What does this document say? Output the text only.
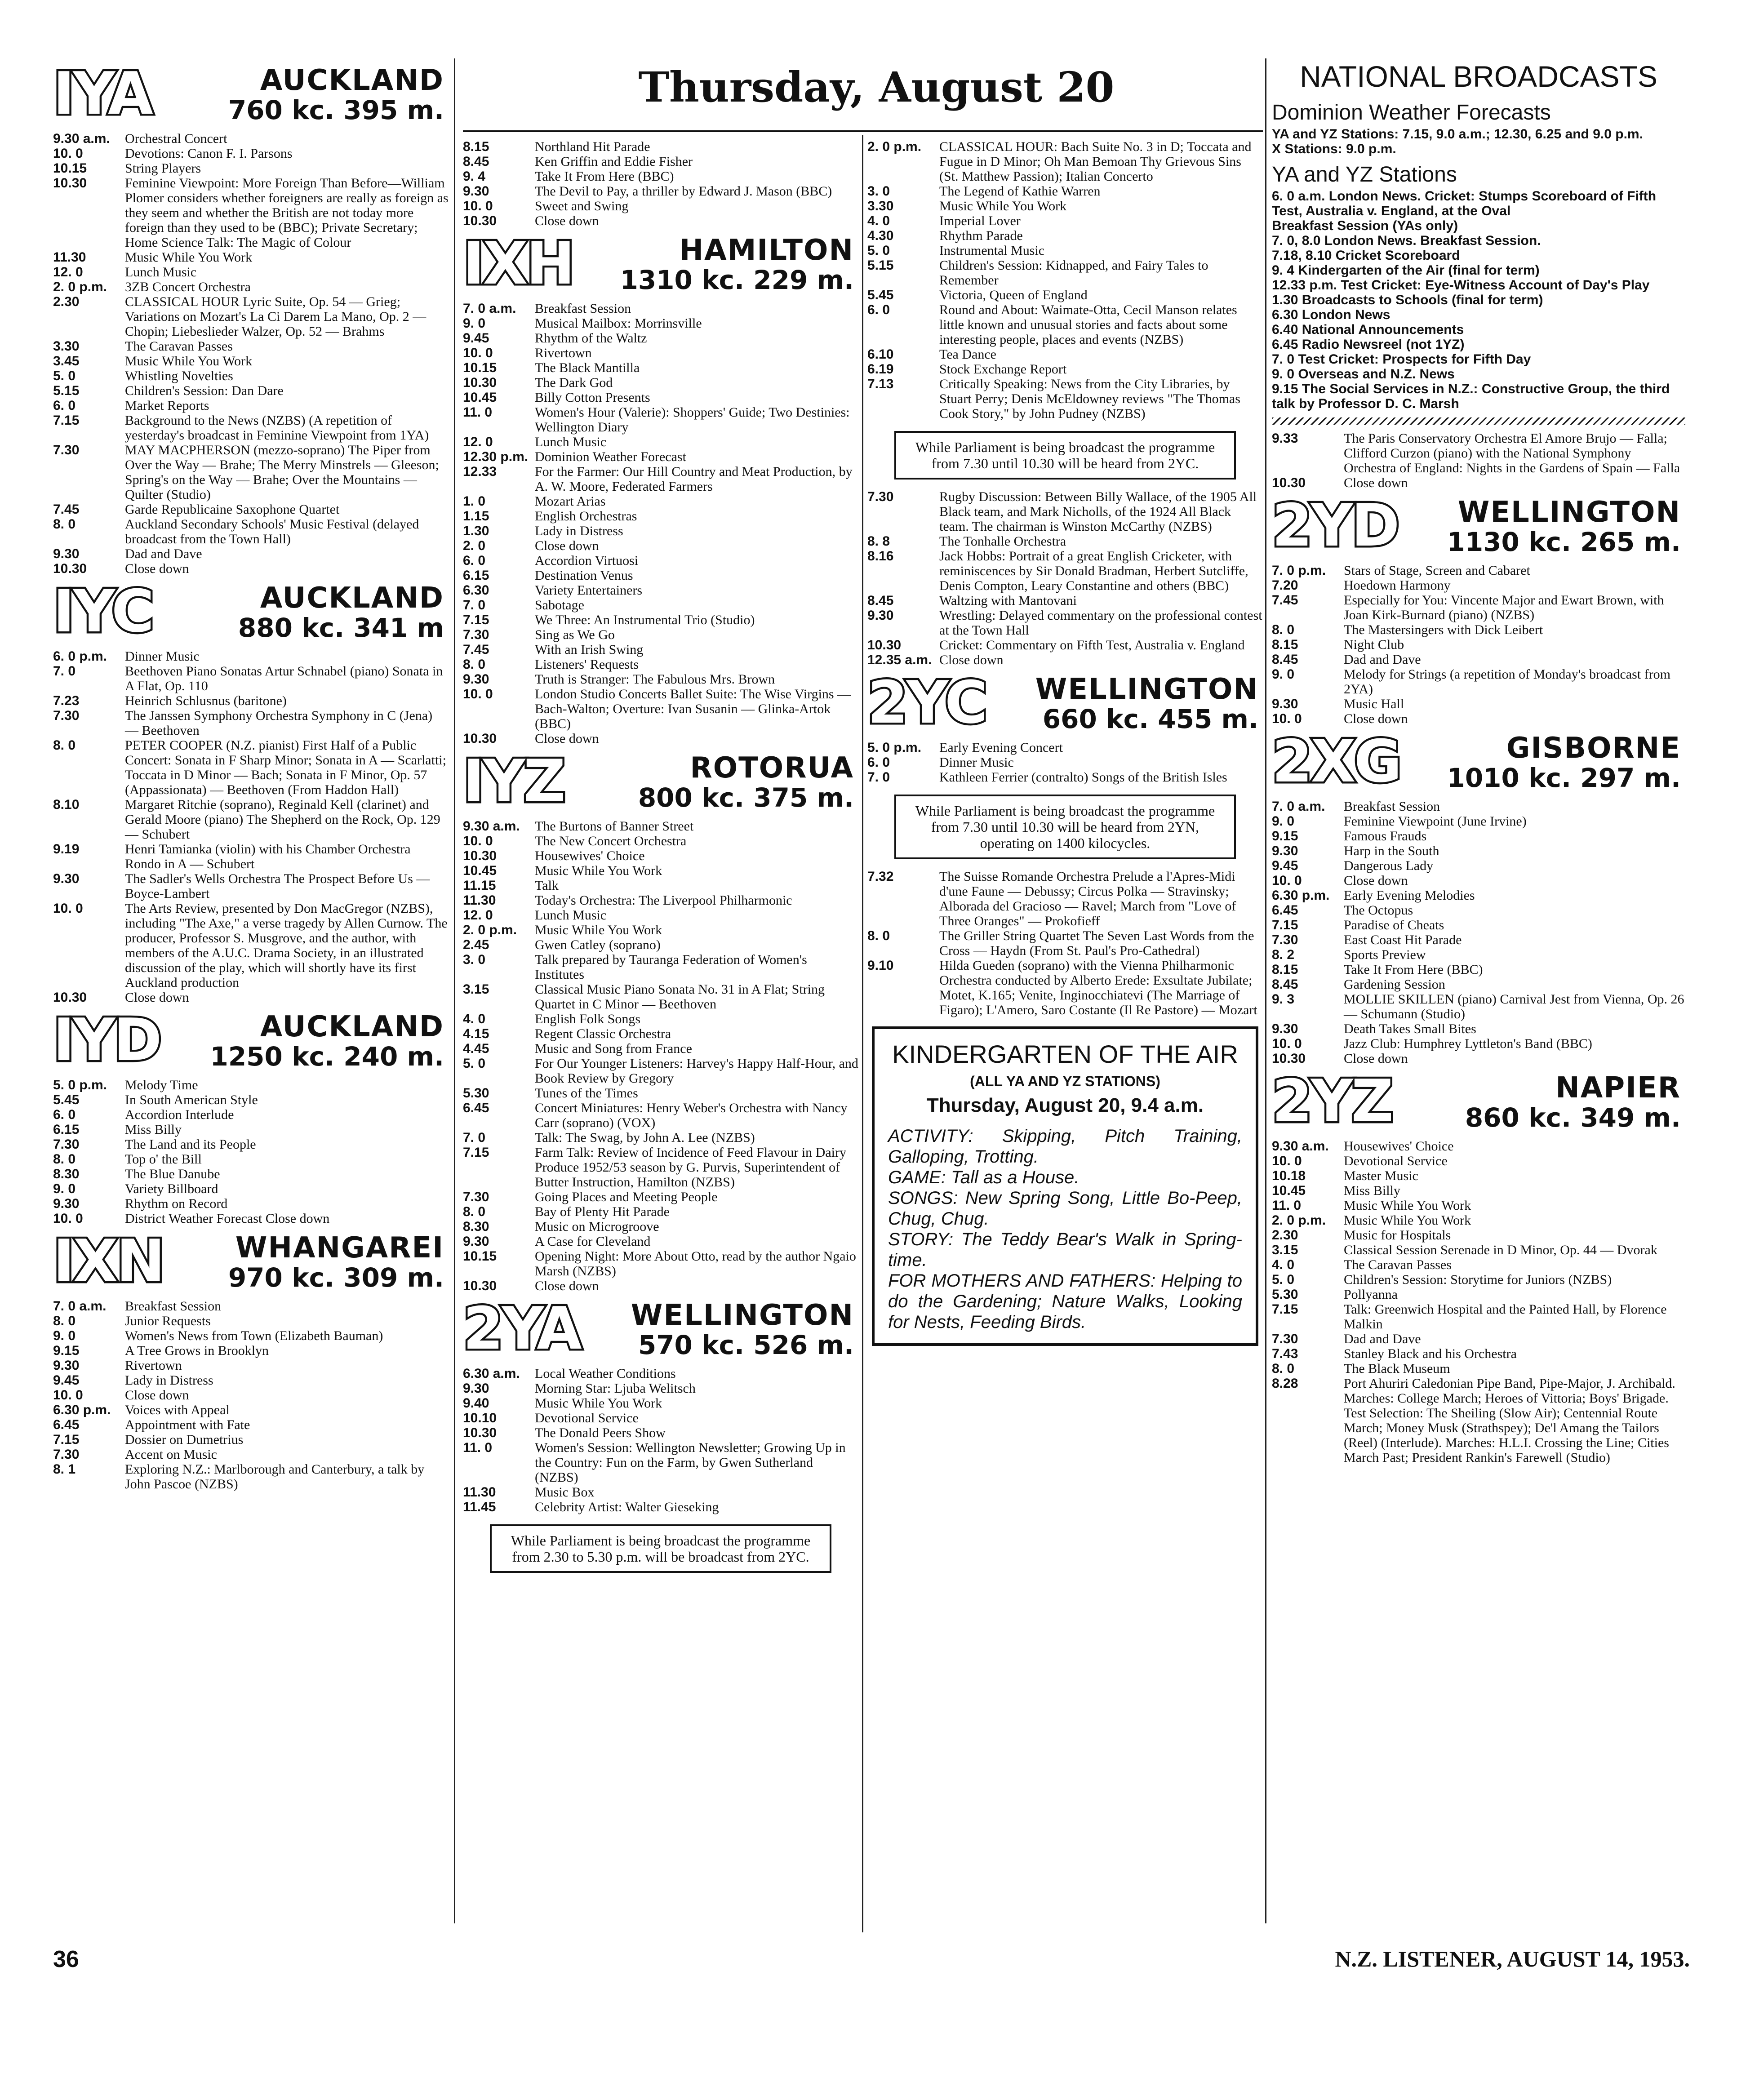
Thursday, August 20
IYA	AUCKLAND
760 kc. 395 m.
9.30 a.m.	Orchestral Concert
10. 0	Devotions: Canon F. I. Parsons
10.15	String Players
10.30	Feminine Viewpoint: More Foreign Than Before—William Plomer considers whether foreigners are really as foreign as they seem and whether the British are not today more foreign than they used to be (BBC); Private Secretary; Home Science Talk: The Magic of Colour
11.30	Music While You Work
12. 0	Lunch Music
2. 0 p.m.	3ZB Concert Orchestra
2.30	CLASSICAL HOUR Lyric Suite, Op. 54 — Grieg; Variations on Mozart's La Ci Darem La Mano, Op. 2 — Chopin; Liebeslieder Walzer, Op. 52 — Brahms
3.30	The Caravan Passes
3.45	Music While You Work
5. 0	Whistling Novelties
5.15	Children's Session: Dan Dare
6. 0	Market Reports
7.15	Background to the News (NZBS) (A repetition of yesterday's broadcast in Feminine Viewpoint from 1YA)
7.30	MAY MACPHERSON (mezzo-soprano) The Piper from Over the Way — Brahe; The Merry Minstrels — Gleeson; Spring's on the Way — Brahe; Over the Mountains — Quilter (Studio)
7.45	Garde Republicaine Saxophone Quartet
8. 0	Auckland Secondary Schools' Music Festival (delayed broadcast from the Town Hall)
9.30	Dad and Dave
10.30	Close down
IYC	AUCKLAND
880 kc. 341 m
6. 0 p.m.	Dinner Music
7. 0	Beethoven Piano Sonatas Artur Schnabel (piano) Sonata in A Flat, Op. 110
7.23	Heinrich Schlusnus (baritone)
7.30	The Janssen Symphony Orchestra Symphony in C (Jena) — Beethoven
8. 0	PETER COOPER (N.Z. pianist) First Half of a Public Concert: Sonata in F Sharp Minor; Sonata in A — Scarlatti; Toccata in D Minor — Bach; Sonata in F Minor, Op. 57 (Appassionata) — Beethoven (From Haddon Hall)
8.10	Margaret Ritchie (soprano), Reginald Kell (clarinet) and Gerald Moore (piano) The Shepherd on the Rock, Op. 129 — Schubert
9.19	Henri Tamianka (violin) with his Chamber Orchestra Rondo in A — Schubert
9.30	The Sadler's Wells Orchestra The Prospect Before Us — Boyce-Lambert
10. 0	The Arts Review, presented by Don MacGregor (NZBS), including "The Axe," a verse tragedy by Allen Curnow. The producer, Professor S. Musgrove, and the author, with members of the A.U.C. Drama Society, in an illustrated discussion of the play, which will shortly have its first Auckland production
10.30	Close down
IYD	AUCKLAND
1250 kc. 240 m.
5. 0 p.m.	Melody Time
5.45	In South American Style
6. 0	Accordion Interlude
6.15	Miss Billy
7.30	The Land and its People
8. 0	Top o' the Bill
8.30	The Blue Danube
9. 0	Variety Billboard
9.30	Rhythm on Record
10. 0	District Weather Forecast Close down
IXN	WHANGAREI
970 kc. 309 m.
7. 0 a.m.	Breakfast Session
8. 0	Junior Requests
9. 0	Women's News from Town (Elizabeth Bauman)
9.15	A Tree Grows in Brooklyn
9.30	Rivertown
9.45	Lady in Distress
10. 0	Close down
6.30 p.m.	Voices with Appeal
6.45	Appointment with Fate
7.15	Dossier on Dumetrius
7.30	Accent on Music
8. 1	Exploring N.Z.: Marlborough and Canterbury, a talk by John Pascoe (NZBS)
8.15	Northland Hit Parade
8.45	Ken Griffin and Eddie Fisher
9. 4	Take It From Here (BBC)
9.30	The Devil to Pay, a thriller by Edward J. Mason (BBC)
10. 0	Sweet and Swing
10.30	Close down
IXH	HAMILTON
1310 kc. 229 m.
7. 0 a.m.	Breakfast Session
9. 0	Musical Mailbox: Morrinsville
9.45	Rhythm of the Waltz
10. 0	Rivertown
10.15	The Black Mantilla
10.30	The Dark God
10.45	Billy Cotton Presents
11. 0	Women's Hour (Valerie): Shoppers' Guide; Two Destinies: Wellington Diary
12. 0	Lunch Music
12.30 p.m. Dominion Weather Forecast
12.33	For the Farmer: Our Hill Country and Meat Production, by A. W. Moore, Federated Farmers
1. 0	Mozart Arias
1.15	English Orchestras
1.30	Lady in Distress
2. 0	Close down
6. 0	Accordion Virtuosi
6.15	Destination Venus
6.30	Variety Entertainers
7. 0	Sabotage
7.15	We Three: An Instrumental Trio (Studio)
7.30	Sing as We Go
7.45	With an Irish Swing
8. 0	Listeners' Requests
9.30	Truth is Stranger: The Fabulous Mrs. Brown
10. 0	London Studio Concerts Ballet Suite: The Wise Virgins — Bach-Walton; Overture: Ivan Susanin — Glinka-Artok (BBC)
10.30	Close down
IYZ	ROTORUA
800 kc. 375 m.
9.30 a.m.	The Burtons of Banner Street
10. 0	The New Concert Orchestra
10.30	Housewives' Choice
10.45	Music While You Work
11.15	Talk
11.30	Today's Orchestra: The Liverpool Philharmonic
12. 0	Lunch Music
2. 0 p.m.	Music While You Work
2.45	Gwen Catley (soprano)
3. 0	Talk prepared by Tauranga Federation of Women's Institutes
3.15	Classical Music Piano Sonata No. 31 in A Flat; String Quartet in C Minor — Beethoven
4. 0	English Folk Songs
4.15	Regent Classic Orchestra
4.45	Music and Song from France
5. 0	For Our Younger Listeners: Harvey's Happy Half-Hour, and Book Review by Gregory
5.30	Tunes of the Times
6.45	Concert Miniatures: Henry Weber's Orchestra with Nancy Carr (soprano) (VOX)
7. 0	Talk: The Swag, by John A. Lee (NZBS)
7.15	Farm Talk: Review of Incidence of Feed Flavour in Dairy Produce 1952/53 season by G. Purvis, Superintendent of Butter Instruction, Hamilton (NZBS)
7.30	Going Places and Meeting People
8. 0	Bay of Plenty Hit Parade
8.30	Music on Microgroove
9.30	A Case for Cleveland
10.15	Opening Night: More About Otto, read by the author Ngaio Marsh (NZBS)
10.30	Close down
2YA WELLINGTON
570 kc. 526 m.
6.30 a.m.	Local Weather Conditions
9.30	Morning Star: Ljuba Welitsch
9.40	Music While You Work
10.10	Devotional Service
10.30	The Donald Peers Show
11. 0	Women's Session: Wellington Newsletter; Growing Up in the Country: Fun on the Farm, by Gwen Sutherland (NZBS)
11.30	Music Box
11.45	Celebrity Artist: Walter Gieseking
While Parliament is being broadcast the programme from 2.30 to 5.30 p.m. will be broadcast from 2YC.
2. 0 p.m.	CLASSICAL HOUR: Bach Suite No. 3 in D; Toccata and Fugue in D Minor; Oh Man Bemoan Thy Grievous Sins (St. Matthew Passion); Italian Concerto
3. 0	The Legend of Kathie Warren
3.30	Music While You Work
4. 0	Imperial Lover
4.30	Rhythm Parade
5. 0	Instrumental Music
5.15	Children's Session: Kidnapped, and Fairy Tales to Remember
5.45	Victoria, Queen of England
6. 0	Round and About: Waimate-Otta, Cecil Manson relates little known and unusual stories and facts about some interesting people, places and events (NZBS)
6.10	Tea Dance
6.19	Stock Exchange Report
7.13	Critically Speaking: News from the City Libraries, by Stuart Perry; Denis McEldowney reviews "The Thomas Cook Story," by John Pudney (NZBS)
While Parliament is being broadcast the programme from 7.30 until 10.30 will be heard from 2YC.
7.30	Rugby Discussion: Between Billy Wallace, of the 1905 All Black team, and Mark Nicholls, of the 1924 All Black team. The chairman is Winston McCarthy (NZBS)
8. 8	The Tonhalle Orchestra
8.16	Jack Hobbs: Portrait of a great English Cricketer, with reminiscences by Sir Donald Bradman, Herbert Sutcliffe, Denis Compton, Leary Constantine and others (BBC)
8.45	Waltzing with Mantovani
9.30	Wrestling: Delayed commentary on the professional contest at the Town Hall
10.30	Cricket: Commentary on Fifth Test, Australia v. England
12.35 a.m. Close down
2YC WELLINGTON
660 kc. 455 m.
5. 0 p.m.	Early Evening Concert
6. 0	Dinner Music
7. 0	Kathleen Ferrier (contralto) Songs of the British Isles
While Parliament is being broadcast the programme from 7.30 until 10.30 will be heard from 2YN, operating on 1400 kilocycles.
7.32	The Suisse Romande Orchestra Prelude a l'Apres-Midi d'une Faune — Debussy; Circus Polka — Stravinsky; Alborada del Gracioso — Ravel; March from "Love of Three Oranges" — Prokofieff
8. 0	The Griller String Quartet The Seven Last Words from the Cross — Haydn (From St. Paul's Pro-Cathedral)
9.10	Hilda Gueden (soprano) with the Vienna Philharmonic Orchestra conducted by Alberto Erede: Exsultate Jubilate; Motet, K.165; Venite, Inginocchiatevi (The Marriage of Figaro); L'Amero, Saro Costante (Il Re Pastore) — Mozart
KINDERGARTEN OF THE AIR
(ALL YA AND YZ STATIONS)
Thursday, August 20, 9.4 a.m.

ACTIVITY: Skipping, Pitch Training, Galloping, Trotting.

GAME: Tall as a House.

SONGS: New Spring Song, Little Bo-Peep, Chug, Chug.

STORY: The Teddy Bear's Walk in Spring-time.

FOR MOTHERS AND FATHERS: Helping to do the Gardening; Nature Walks, Looking for Nests, Feeding Birds.

NATIONAL BROADCASTS
Dominion Weather Forecasts
YA and YZ Stations: 7.15, 9.0 a.m.; 12.30, 6.25 and 9.0 p.m.
X Stations: 9.0 p.m.
YA and YZ Stations
6. 0 a.m. London News. Cricket: Stumps Scoreboard of Fifth Test, Australia v. England, at the Oval
Breakfast Session (YAs only)
7. 0, 8.0 London News. Breakfast Session.
7.18, 8.10 Cricket Scoreboard
9. 4 Kindergarten of the Air (final for term)
12.33 p.m. Test Cricket: Eye-Witness Account of Day's Play
1.30 Broadcasts to Schools (final for term)
6.30 London News
6.40 National Announcements
6.45 Radio Newsreel (not 1YZ)
7. 0 Test Cricket: Prospects for Fifth Day
9. 0 Overseas and N.Z. News
9.15 The Social Services in N.Z.: Constructive Group, the third talk by Professor D. C. Marsh
9.33	The Paris Conservatory Orchestra El Amore Brujo — Falla; Clifford Curzon (piano) with the National Symphony Orchestra of England: Nights in the Gardens of Spain — Falla
10.30	Close down
2YD WELLINGTON
1130 kc. 265 m.
7. 0 p.m.	Stars of Stage, Screen and Cabaret
7.20	Hoedown Harmony
7.45	Especially for You: Vincente Major and Ewart Brown, with Joan Kirk-Burnard (piano) (NZBS)
8. 0	The Mastersingers with Dick Leibert
8.15	Night Club
8.45	Dad and Dave
9. 0	Melody for Strings (a repetition of Monday's broadcast from 2YA)
9.30	Music Hall
10. 0	Close down
2XG	GISBORNE
1010 kc. 297 m.
7. 0 a.m.	Breakfast Session
9. 0	Feminine Viewpoint (June Irvine)
9.15	Famous Frauds
9.30	Harp in the South
9.45	Dangerous Lady
10. 0	Close down
6.30 p.m.	Early Evening Melodies
6.45	The Octopus
7.15	Paradise of Cheats
7.30	East Coast Hit Parade
8. 2	Sports Preview
8.15	Take It From Here (BBC)
8.45	Gardening Session
9. 3	MOLLIE SKILLEN (piano) Carnival Jest from Vienna, Op. 26 — Schumann (Studio)
9.30	Death Takes Small Bites
10. 0	Jazz Club: Humphrey Lyttleton's Band (BBC)
10.30	Close down
2YZ	NAPIER
860 kc. 349 m.
9.30 a.m.	Housewives' Choice
10. 0	Devotional Service
10.18	Master Music
10.45	Miss Billy
11. 0	Music While You Work
2. 0 p.m.	Music While You Work
2.30	Music for Hospitals
3.15	Classical Session Serenade in D Minor, Op. 44 — Dvorak
4. 0	The Caravan Passes
5. 0	Children's Session: Storytime for Juniors (NZBS)
5.30	Pollyanna
7.15	Talk: Greenwich Hospital and the Painted Hall, by Florence Malkin
7.30	Dad and Dave
7.43	Stanley Black and his Orchestra
8. 0	The Black Museum
8.28	Port Ahuriri Caledonian Pipe Band, Pipe-Major, J. Archibald. Marches: College March; Heroes of Vittoria; Boys' Brigade. Test Selection: The Sheiling (Slow Air); Centennial Route March; Money Musk (Strathspey); De'l Amang the Tailors (Reel) (Interlude). Marches: H.L.I. Crossing the Line; Cities March Past; President Rankin's Farewell (Studio)
36	N.Z. LISTENER, AUGUST 14, 1953.
